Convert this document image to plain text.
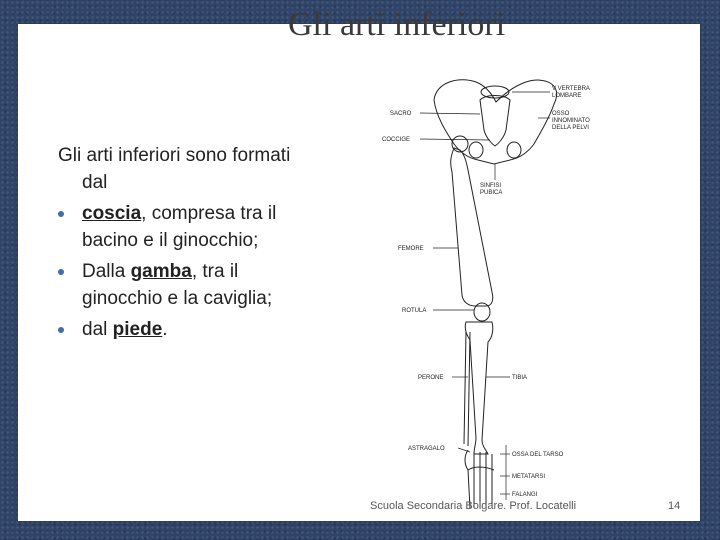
Gli arti inferiori

Gli arti inferiori sono formati dal

coscia, compresa tra il bacino e il ginocchio;
Dalla gamba, tra il ginocchio e la caviglia;
dal piede.
SACRO
COCCIGE
V VERTEBRA
LOMBARE
OSSO
INNOMINATO
DELLA PELVI
SINFISI
PUBICA
FEMORE
ROTULA
PERONE	TIBIA
ASTRAGALO
OSSA DEL TARSO
METATARSI
FALANGI
Scuola Secondaria Bolgare. Prof. Locatelli	14
